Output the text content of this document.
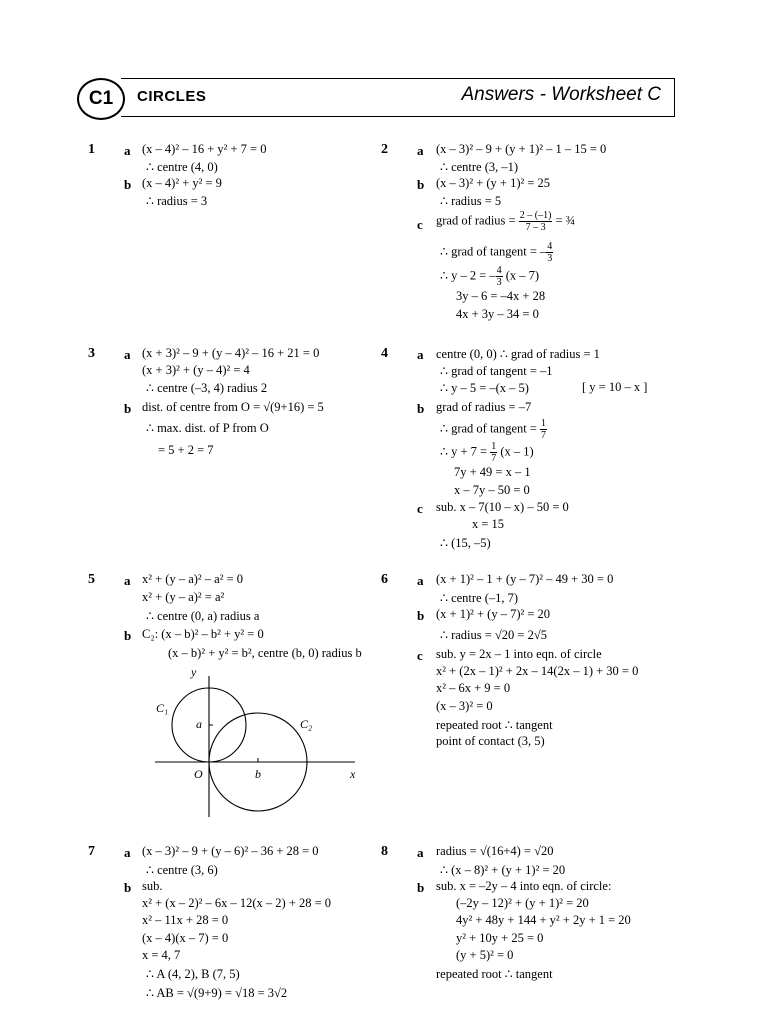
C1	CIRCLES	Answers - Worksheet C
1 a (x – 4)² – 16 + y² + 7 = 0
∴ centre (4, 0)
b (x – 4)² + y² = 9
∴ radius = 3
2 a (x – 3)² – 9 + (y + 1)² – 1 – 15 = 0
∴ centre (3, –1)
b (x – 3)² + (y + 1)² = 25
∴ radius = 5
c grad of radius = $\frac{2 - (-1)}{7 - 3}$ = ¾
∴ grad of tangent = – $\frac{4}{3}$
∴ y – 2 = – $\frac{4}{3} (x - 7)$
3y – 6 = –4x + 28
4x + 3y – 34 = 0
3 a (x + 3)² – 9 + (y – 4)² – 16 + 21 = 0
(x + 3)² + (y – 4)² = 4
∴ centre (–3, 4) radius 2
b dist. of centre from O = √(9+16) = 5
∴ max. dist. of P from O
= 5 + 2 = 7
4 a centre (0, 0) ∴ grad of radius = 1
∴ grad of tangent = –1
∴ y – 5 = –(x – 5)	[ y = 10 – x ]
b grad of radius = –7
∴ grad of tangent = $\frac{1}{7}$
∴ $y + 7 = \frac{1}{7} (x - 1)$
7y + 49 = x – 1
x – 7y – 50 = 0
c sub. x – 7(10 – x) – 50 = 0
x = 15
∴ (15, –5)
5 a x² + (y – a)² – a² = 0
x² + (y – a)² = a²
∴ centre (0, a) radius a
b C₂: (x – b)² – b² + y² = 0
(x – b)² + y² = b², centre (b, 0) radius b
y
x
O
a
b
C₁
C₂
6 a (x + 1)² – 1 + (y – 7)² – 49 + 30 = 0
∴ centre (–1, 7)
b (x + 1)² + (y – 7)² = 20
∴ radius = √20 = 2√5
c sub. y = 2x – 1 into eqn. of circle
x² + (2x – 1)² + 2x – 14(2x – 1) + 30 = 0
x² – 6x + 9 = 0
(x – 3)² = 0
repeated root ∴ tangent
point of contact (3, 5)
7 a (x – 3)² – 9 + (y – 6)² – 36 + 28 = 0
∴ centre (3, 6)
b sub.
x² + (x – 2)² – 6x – 12(x – 2) + 28 = 0
x² – 11x + 28 = 0
(x – 4)(x – 7) = 0
x = 4, 7
∴ A (4, 2), B (7, 5)
∴ AB = √(9+9) = √18 = 3√2
8 a radius = √(16+4) = √20
∴ (x – 8)² + (y + 1)² = 20
b sub. x = –2y – 4 into eqn. of circle:
(–2y – 12)² + (y + 1)² = 20
4y² + 48y + 144 + y² + 2y + 1 = 20
y² + 10y + 25 = 0
(y + 5)² = 0
repeated root ∴ tangent
